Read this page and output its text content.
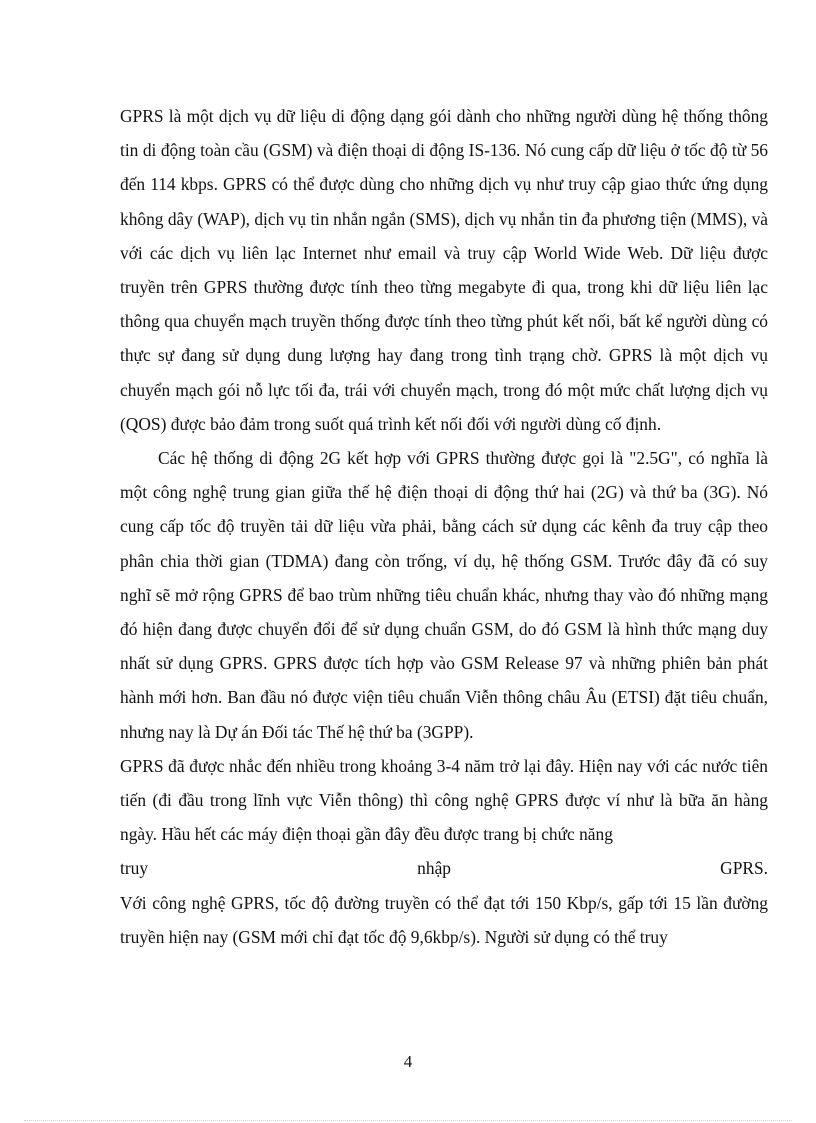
GPRS là một dịch vụ dữ liệu di động dạng gói dành cho những người dùng hệ thống thông tin di động toàn cầu (GSM) và điện thoại di động IS-136. Nó cung cấp dữ liệu ở tốc độ từ 56 đến 114 kbps. GPRS có thể được dùng cho những dịch vụ như truy cập giao thức ứng dụng không dây (WAP), dịch vụ tin nhắn ngắn (SMS), dịch vụ nhắn tin đa phương tiện (MMS), và với các dịch vụ liên lạc Internet như email và truy cập World Wide Web. Dữ liệu được truyền trên GPRS thường được tính theo từng megabyte đi qua, trong khi dữ liệu liên lạc thông qua chuyển mạch truyền thống được tính theo từng phút kết nối, bất kể người dùng có thực sự đang sử dụng dung lượng hay đang trong tình trạng chờ. GPRS là một dịch vụ chuyển mạch gói nỗ lực tối đa, trái với chuyển mạch, trong đó một mức chất lượng dịch vụ (QOS) được bảo đảm trong suốt quá trình kết nối đối với người dùng cố định.

Các hệ thống di động 2G kết hợp với GPRS thường được gọi là "2.5G", có nghĩa là một công nghệ trung gian giữa thế hệ điện thoại di động thứ hai (2G) và thứ ba (3G). Nó cung cấp tốc độ truyền tải dữ liệu vừa phải, bằng cách sử dụng các kênh đa truy cập theo phân chia thời gian (TDMA) đang còn trống, ví dụ, hệ thống GSM. Trước đây đã có suy nghĩ sẽ mở rộng GPRS để bao trùm những tiêu chuẩn khác, nhưng thay vào đó những mạng đó hiện đang được chuyển đổi để sử dụng chuẩn GSM, do đó GSM là hình thức mạng duy nhất sử dụng GPRS. GPRS được tích hợp vào GSM Release 97 và những phiên bản phát hành mới hơn. Ban đầu nó được viện tiêu chuẩn Viễn thông châu Âu (ETSI) đặt tiêu chuẩn, nhưng nay là Dự án Đối tác Thế hệ thứ ba (3GPP).

GPRS đã được nhắc đến nhiều trong khoảng 3-4 năm trở lại đây. Hiện nay với các nước tiên tiến (đi đầu trong lĩnh vực Viễn thông) thì công nghệ GPRS được ví như là bữa ăn hàng ngày. Hầu hết các máy điện thoại gần đây đều được trang bị chức năng

truy	nhập	GPRS.

Với công nghệ GPRS, tốc độ đường truyền có thể đạt tới 150 Kbp/s, gấp tới 15 lần đường truyền hiện nay (GSM mới chỉ đạt tốc độ 9,6kbp/s). Người sử dụng có thể truy

4
